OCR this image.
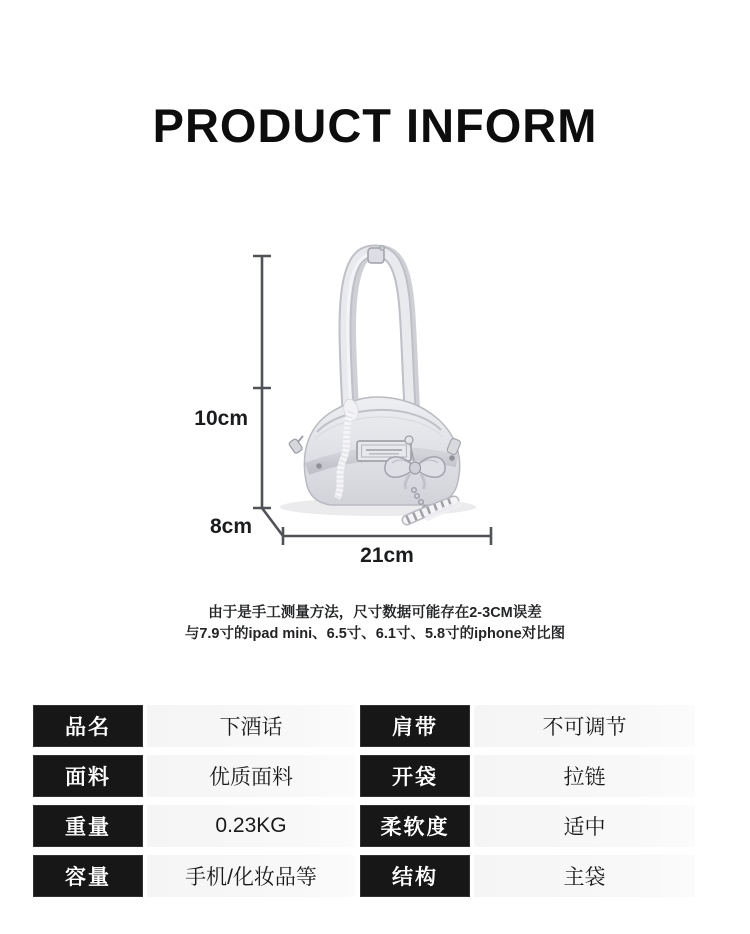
PRODUCT INFORM
10cm
8cm
21cm

由于是手工测量方法，尺寸数据可能存在2-3CM误差

与7.9寸的ipad mini、6.5寸、6.1寸、5.8寸的iphone对比图

品名	下酒话	肩带	不可调节
面料	优质面料	开袋	拉链
重量	0.23KG	柔软度	适中
容量	手机/化妆品等	结构	主袋
